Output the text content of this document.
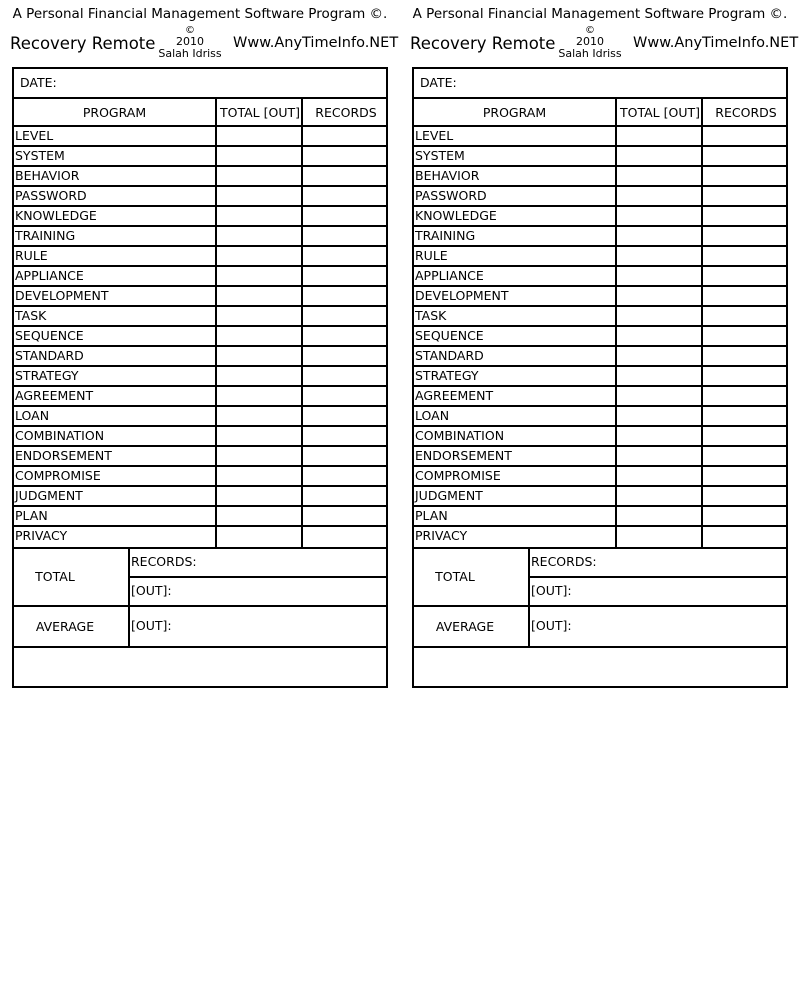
A Personal Financial Management Software Program ©.
Recovery Remote
©
2010
Salah Idriss
Www.AnyTimeInfo.NET
DATE:
PROGRAM	TOTAL [OUT]	RECORDS
LEVEL
SYSTEM
BEHAVIOR
PASSWORD
KNOWLEDGE
TRAINING
RULE
APPLIANCE
DEVELOPMENT
TASK
SEQUENCE
STANDARD
STRATEGY
AGREEMENT
LOAN
COMBINATION
ENDORSEMENT
COMPROMISE
JUDGMENT
PLAN
PRIVACY
TOTAL
RECORDS:
[OUT]:
AVERAGE	[OUT]:
A Personal Financial Management Software Program ©.
Recovery Remote
©
2010
Salah Idriss
Www.AnyTimeInfo.NET
DATE:
PROGRAM	TOTAL [OUT]	RECORDS
LEVEL
SYSTEM
BEHAVIOR
PASSWORD
KNOWLEDGE
TRAINING
RULE
APPLIANCE
DEVELOPMENT
TASK
SEQUENCE
STANDARD
STRATEGY
AGREEMENT
LOAN
COMBINATION
ENDORSEMENT
COMPROMISE
JUDGMENT
PLAN
PRIVACY
TOTAL
RECORDS:
[OUT]:
AVERAGE	[OUT]:
